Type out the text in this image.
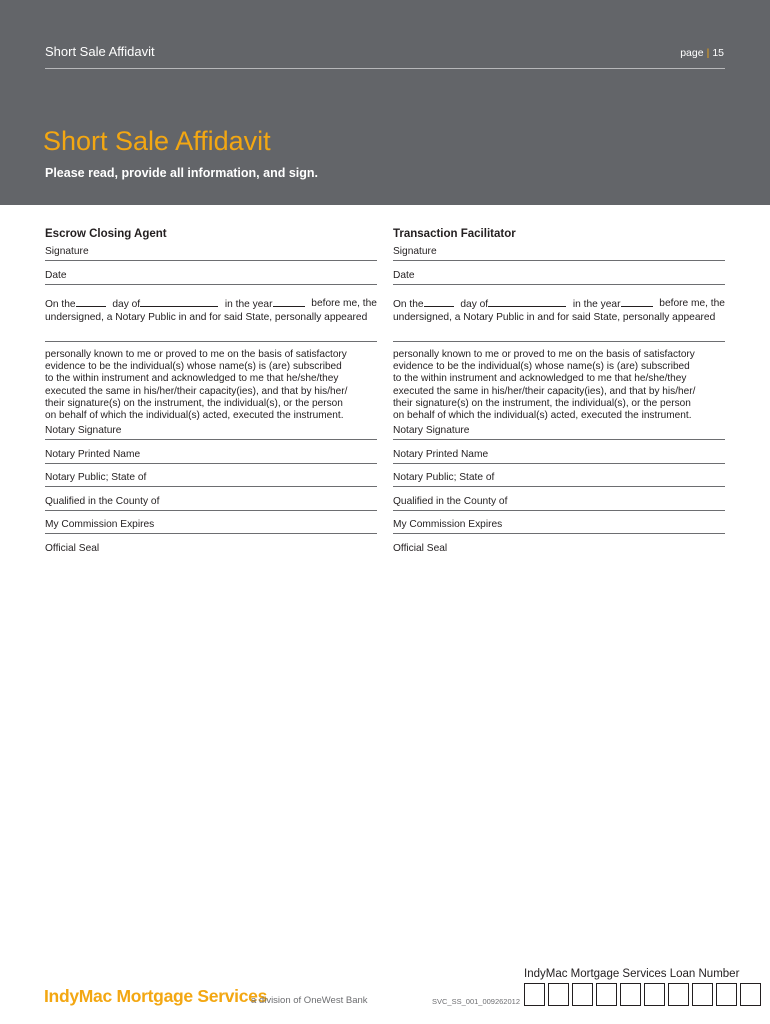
Short Sale Affidavit	page | 15
Short Sale Affidavit
Please read, provide all information, and sign.
Escrow Closing Agent
Signature
Date
On the	day of	in the year	before me, the
undersigned, a Notary Public in and for said State, personally appeared
personally known to me or proved to me on the basis of satisfactory
evidence to be the individual(s) whose name(s) is (are) subscribed
to the within instrument and acknowledged to me that he/she/they
executed the same in his/her/their capacity(ies), and that by his/her/
their signature(s) on the instrument, the individual(s), or the person
on behalf of which the individual(s) acted, executed the instrument.
Notary Signature
Notary Printed Name
Notary Public; State of
Qualified in the County of
My Commission Expires
Official Seal
Transaction Facilitator
Signature
Date
On the	day of	in the year	before me, the
undersigned, a Notary Public in and for said State, personally appeared
personally known to me or proved to me on the basis of satisfactory
evidence to be the individual(s) whose name(s) is (are) subscribed
to the within instrument and acknowledged to me that he/she/they
executed the same in his/her/their capacity(ies), and that by his/her/
their signature(s) on the instrument, the individual(s), or the person
on behalf of which the individual(s) acted, executed the instrument.
Notary Signature
Notary Printed Name
Notary Public; State of
Qualified in the County of
My Commission Expires
Official Seal
IndyMac Mortgage Services Loan Number
IndyMac Mortgage Services
a division of OneWest Bank	SVC_SS_001_009262012
